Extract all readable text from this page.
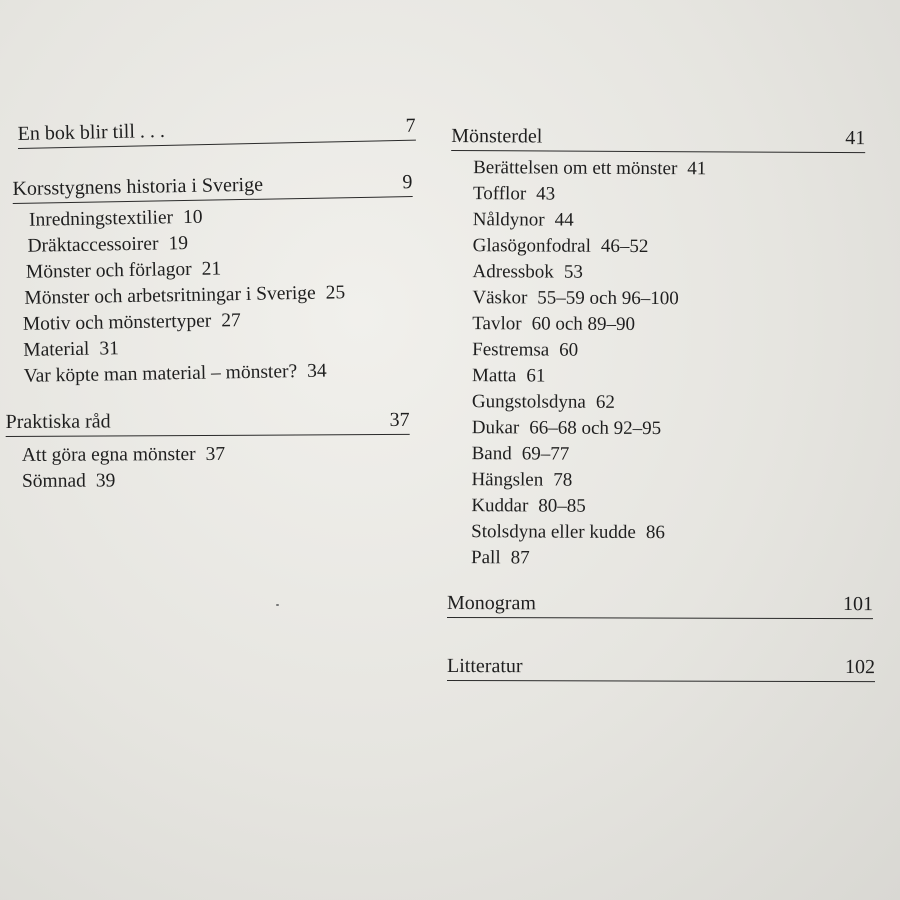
En bok blir till . . .	7
Korsstygnens historia i Sverige	9
Inredningstextilier 10
Dräktaccessoirer 19
Mönster och förlagor 21
Mönster och arbetsritningar i Sverige 25
Motiv och mönstertyper 27
Material 31
Var köpte man material – mönster? 34
Praktiska råd	37
Att göra egna mönster 37
Sömnad 39
Mönsterdel	41
Berättelsen om ett mönster 41
Tofflor 43
Nåldynor 44
Glasögonfodral 46–52
Adressbok 53
Väskor 55–59 och 96–100
Tavlor 60 och 89–90
Festremsa 60
Matta 61
Gungstolsdyna 62
Dukar 66–68 och 92–95
Band 69–77
Hängslen 78
Kuddar 80–85
Stolsdyna eller kudde 86
Pall 87
Monogram	101
Litteratur	102
